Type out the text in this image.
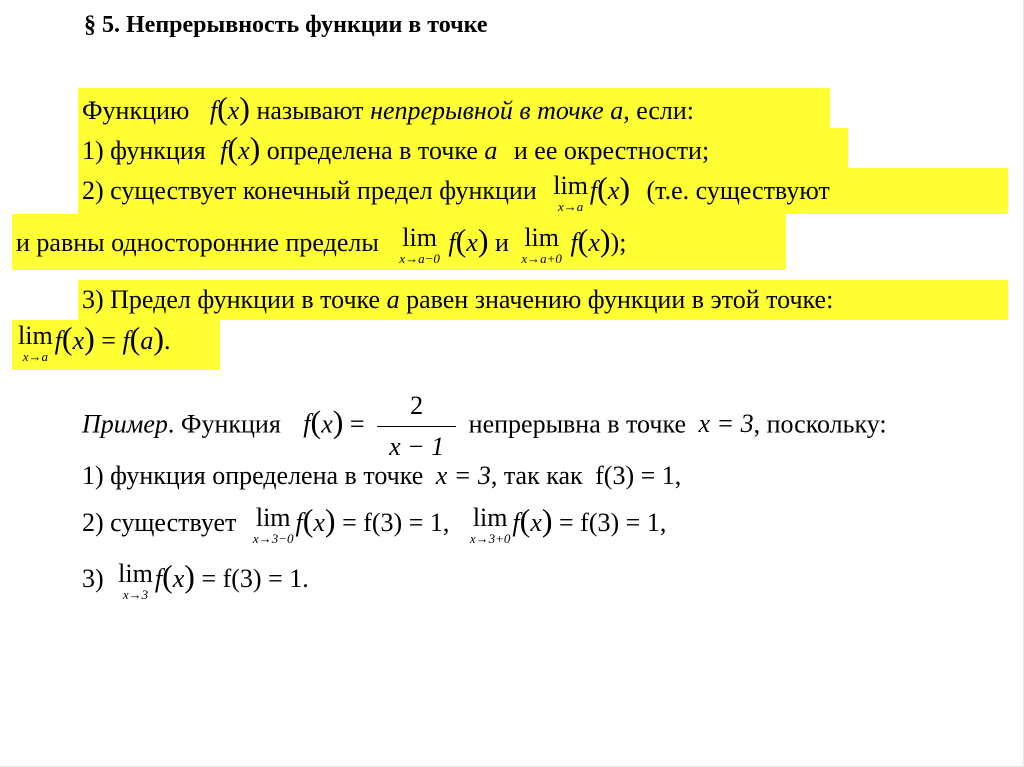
§ 5. Непрерывность функции в точке
Функцию f(x) называют непрерывной в точке a, если:
1) функция f(x) определена в точке a и ее окрестности;
2) существует конечный предел функции lim
x→a
f(x) (т.е. существуют
и равны односторонние пределы lim
x→a−0
f(x) и lim
x→a+0
f(x));
3) Предел функции в точке a равен значению функции в этой точке:
lim
x→a
f(x) = f(a).
Пример. Функция $f(x) = \frac{2}{x - 1}$ непрерывна в точке x = 3, поскольку:
1) функция определена в точке x = 3, так как f(3) = 1,
2) существует lim
x→3−0
f(x) = f(3) = 1, lim
x→3+0
f(x) = f(3) = 1,
3) lim
x→3
f(x) = f(3) = 1.
